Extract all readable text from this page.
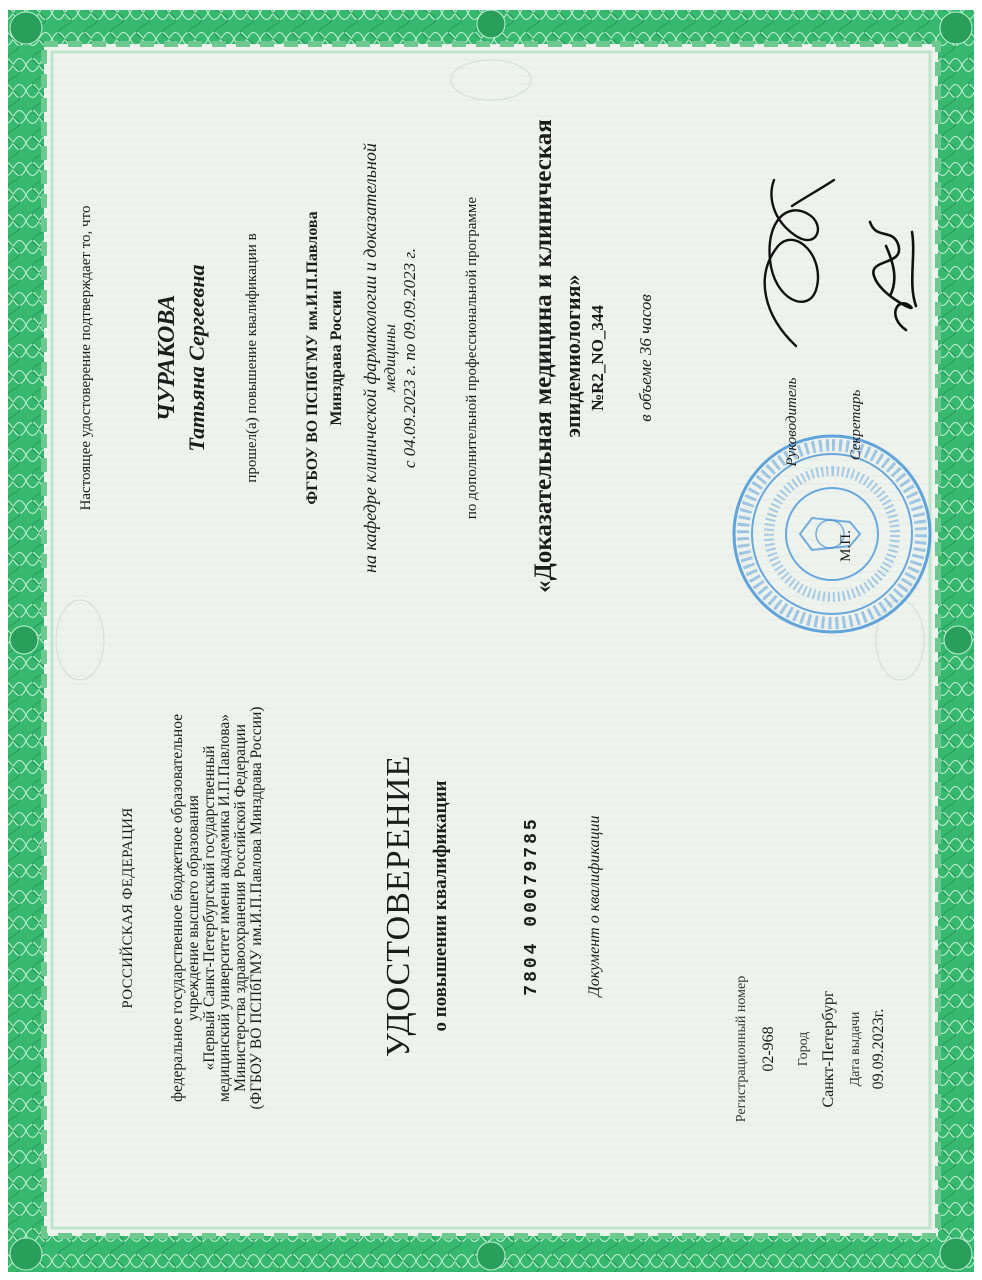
РОССИЙСКАЯ ФЕДЕРАЦИЯ федеральное государственное бюджетное образовательное
учреждение высшего образования
«Первый Санкт-Петербургский государственный
медицинский университет имени академика И.П.Павлова»
Министерства здравоохранения Российской Федерации
(ФГБОУ ВО ПСПбГМУ им.И.П.Павлова Минздрава России)	УДОСТОВЕРЕНИЕ о повышении квалификации	7804 00079785	Документ о квалификации
Регистрационный номер 02-968 Город Санкт-Петербург Дата выдачи 09.09.2023г.
Настоящее удостоверение подтверждает то, что	ЧУРАКОВА Татьяна Сергеевна прошел(а) повышение квалификации в	ФГБОУ ВО ПСПбГМУ им.И.П.Павлова Минздрава России на кафедре клинической фармакологии и доказательной медицины с 04.09.2023 г. по 09.09.2023 г.	по дополнительной профессиональной программе «Доказательная медицина и клиническая эпидемиология» №R2_NO_344 в объеме 36 часов
Руководитель
М.П.
Секретарь
